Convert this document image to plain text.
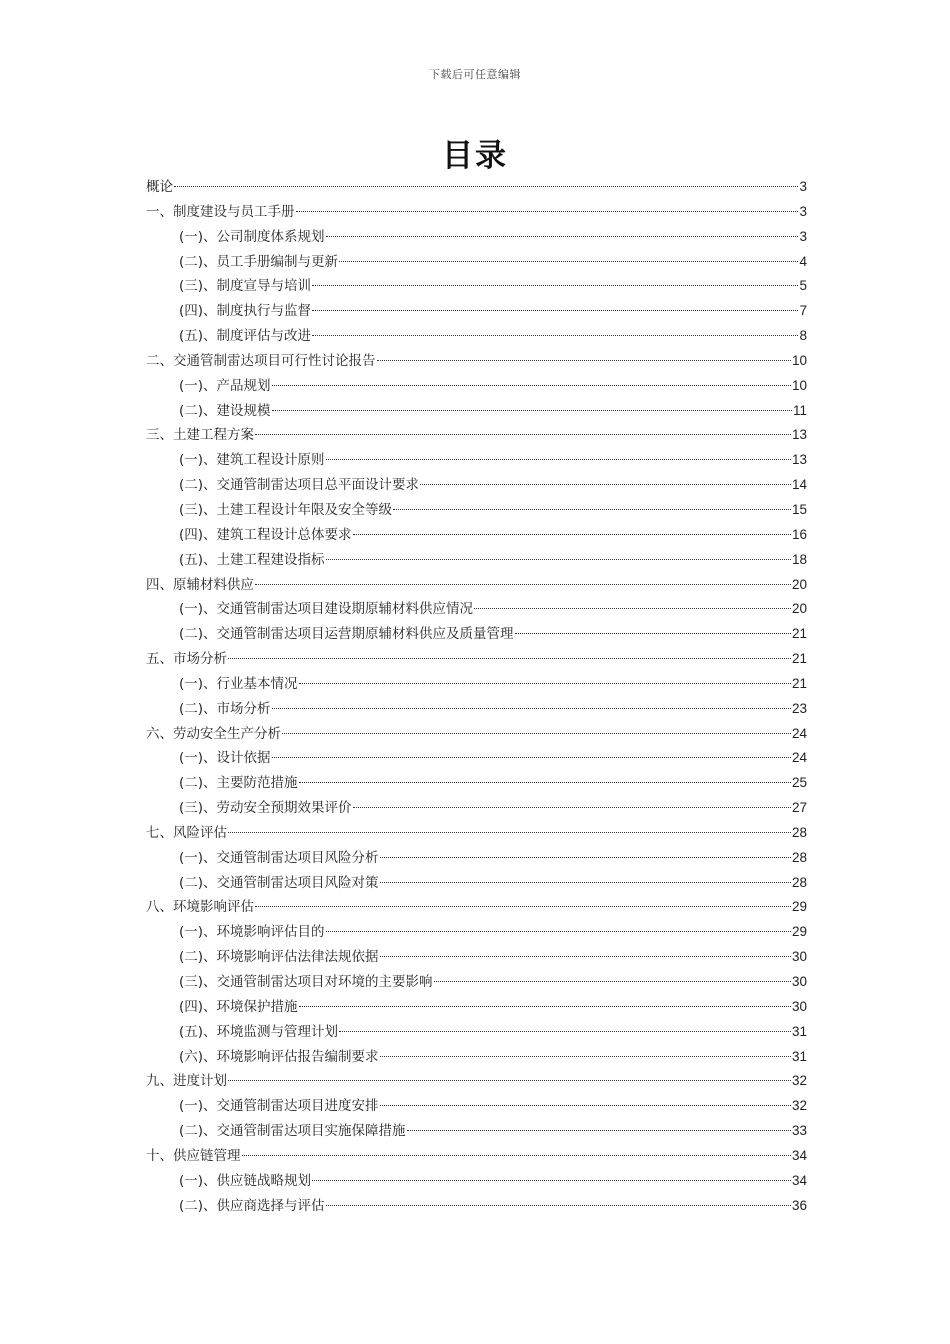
下载后可任意编辑
目录
概论	3
一、制度建设与员工手册	3
(一)、公司制度体系规划	3
(二)、员工手册编制与更新	4
(三)、制度宣导与培训	5
(四)、制度执行与监督	7
(五)、制度评估与改进	8
二、交通管制雷达项目可行性讨论报告	10
(一)、产品规划	10
(二)、建设规模	11
三、土建工程方案	13
(一)、建筑工程设计原则	13
(二)、交通管制雷达项目总平面设计要求	14
(三)、土建工程设计年限及安全等级	15
(四)、建筑工程设计总体要求	16
(五)、土建工程建设指标	18
四、原辅材料供应	20
(一)、交通管制雷达项目建设期原辅材料供应情况	20
(二)、交通管制雷达项目运营期原辅材料供应及质量管理	21
五、市场分析	21
(一)、行业基本情况	21
(二)、市场分析	23
六、劳动安全生产分析	24
(一)、设计依据	24
(二)、主要防范措施	25
(三)、劳动安全预期效果评价	27
七、风险评估	28
(一)、交通管制雷达项目风险分析	28
(二)、交通管制雷达项目风险对策	28
八、环境影响评估	29
(一)、环境影响评估目的	29
(二)、环境影响评估法律法规依据	30
(三)、交通管制雷达项目对环境的主要影响	30
(四)、环境保护措施	30
(五)、环境监测与管理计划	31
(六)、环境影响评估报告编制要求	31
九、进度计划	32
(一)、交通管制雷达项目进度安排	32
(二)、交通管制雷达项目实施保障措施	33
十、供应链管理	34
(一)、供应链战略规划	34
(二)、供应商选择与评估	36
